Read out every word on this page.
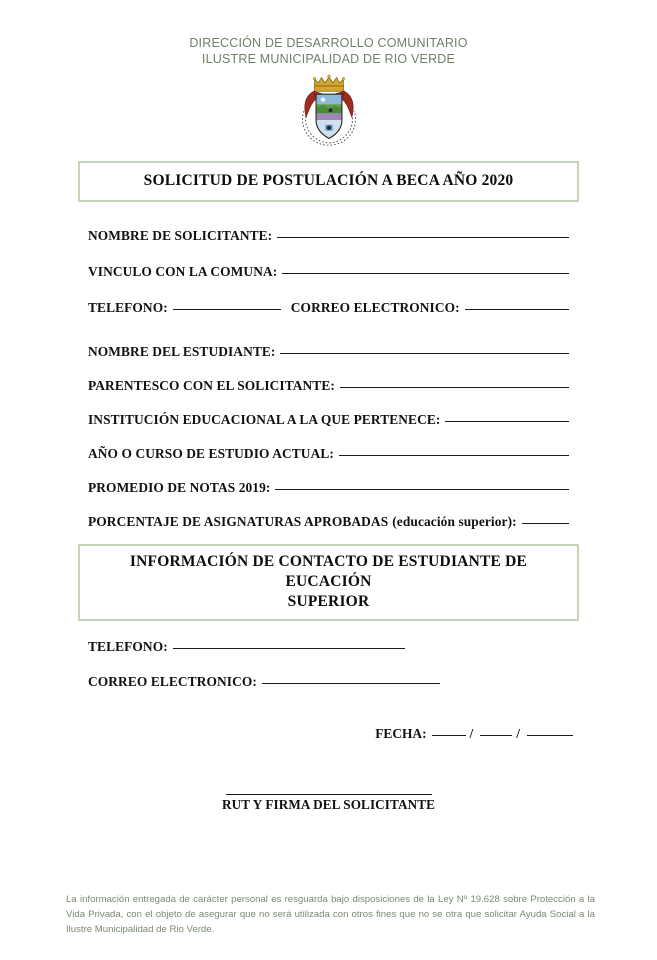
DIRECCIÓN DE DESARROLLO COMUNITARIO
ILUSTRE MUNICIPALIDAD DE RIO VERDE
SOLICITUD DE POSTULACIÓN A BECA AÑO 2020
NOMBRE DE SOLICITANTE:
VINCULO CON LA COMUNA:
TELEFONO:	CORREO ELECTRONICO:
NOMBRE DEL ESTUDIANTE:
PARENTESCO CON EL SOLICITANTE:
INSTITUCIÓN EDUCACIONAL A LA QUE PERTENECE:
AÑO O CURSO DE ESTUDIO ACTUAL:
PROMEDIO DE NOTAS 2019:
PORCENTAJE DE ASIGNATURAS APROBADAS (educación superior):
INFORMACIÓN DE CONTACTO DE ESTUDIANTE DE EUCACIÓN
SUPERIOR
TELEFONO:
CORREO ELECTRONICO:
FECHA:	/	/
RUT Y FIRMA DEL SOLICITANTE
La información entregada de carácter personal es resguarda bajo disposiciones de la Ley Nº 19.628 sobre Protección a la Vida Privada, con el objeto de asegurar que no será utilizada con otros fines que no se otra que solicitar Ayuda Social a la Ilustre Municipalidad de Rio Verde.
